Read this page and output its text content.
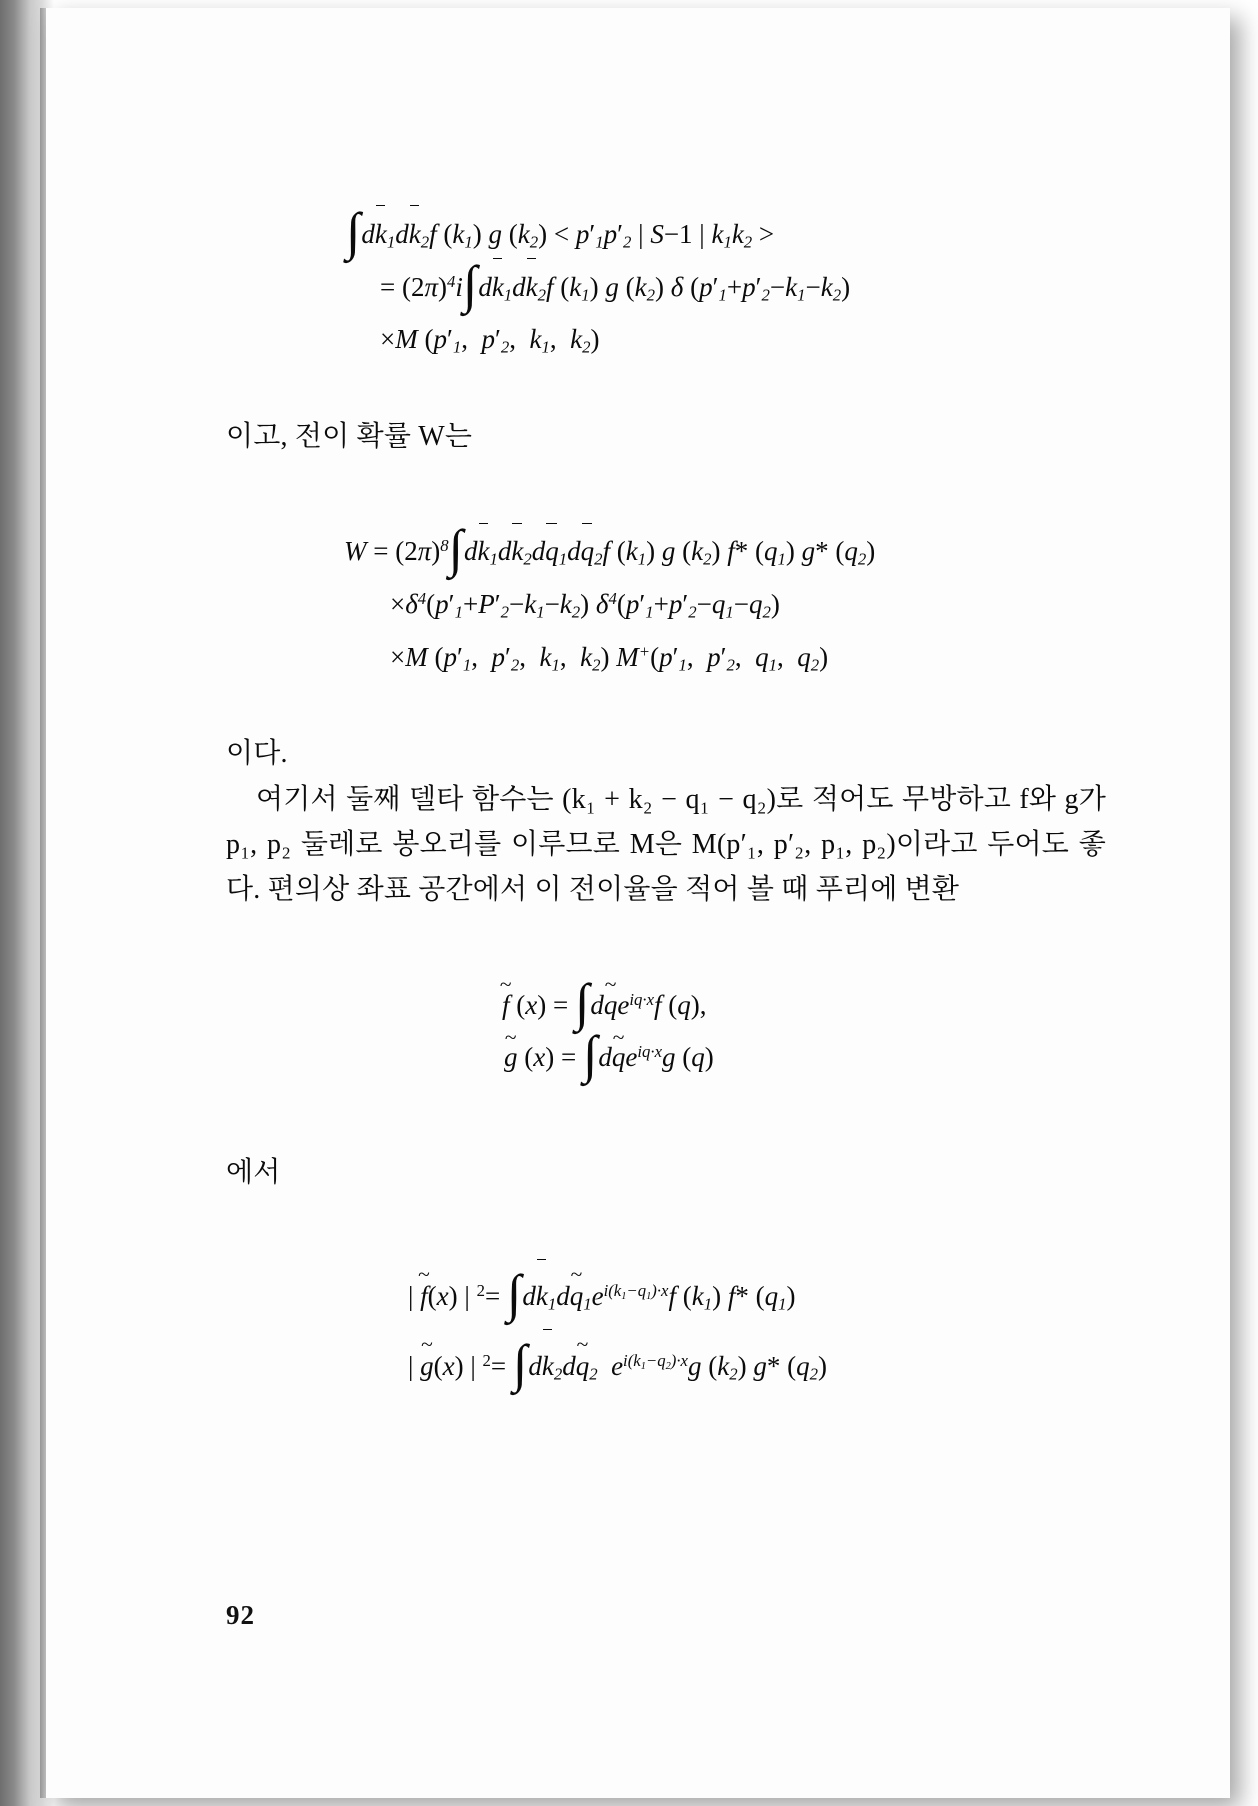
$\int dk_1dk_2f$ $(k_1)$ g $(k_2) < p'_1p'_2$ | S−1 | $k_1k_2$ >
= $(2\pi)^4i\int dk_1dk_2f$ $(k_1)$ g $(k_2)$ δ $(p'_1+p'_2-k_1-k_2)$
×M ($p'_1$,  $p'_2$,  $k_1$,  $k_2$)
이고, 전이 확률 W는
$W = (2\pi)^8\int dk_1dk_2dq_1dq_2f$ $(k_1)$ g $(k_2)$ f* $(q_1)$ g* $(q_2)$
$\times\delta^4(p'_1+P'_2-k_1-k_2)$ $\delta^4(p'_1+p'_2-q_1-q_2)$
×M ($p'_1$,  $p'_2$,  $k_1$,  $k_2$) $M^+(p'_1$,  $p'_2$,  $q_1$,  $q_2$)
이다.
여기서 둘째 델타 함수는 (k₁ + k₂ − q₁ − q₂)로 적어도 무방하고 f와 g가 p₁, p₂ 둘레로 봉오리를 이루므로 M은 M(p′₁, p′₂, p₁, p₂)이라고 두어도 좋다. 편의상 좌표 공간에서 이 전이율을 적어 볼 때 푸리에 변환
f ~ (x) = ∫dq $\sim e^{iq\cdot x}f$ (q),
g ~ (x) = ∫dq $\sim e^{iq\cdot x}g$ (q)
에서
| f ~(x) | $^2= \int dk_1dq$ $\sim_1e^{i(k_1-q_1)\cdot x}f$ $(k_1)$ f* $(q_1)$
| g ~(x) | $^2= \int dk_2dq$ $\sim_2$ $e^{i(k_1-q_2)\cdot x}g$ $(k_2)$ g* $(q_2)$
92
